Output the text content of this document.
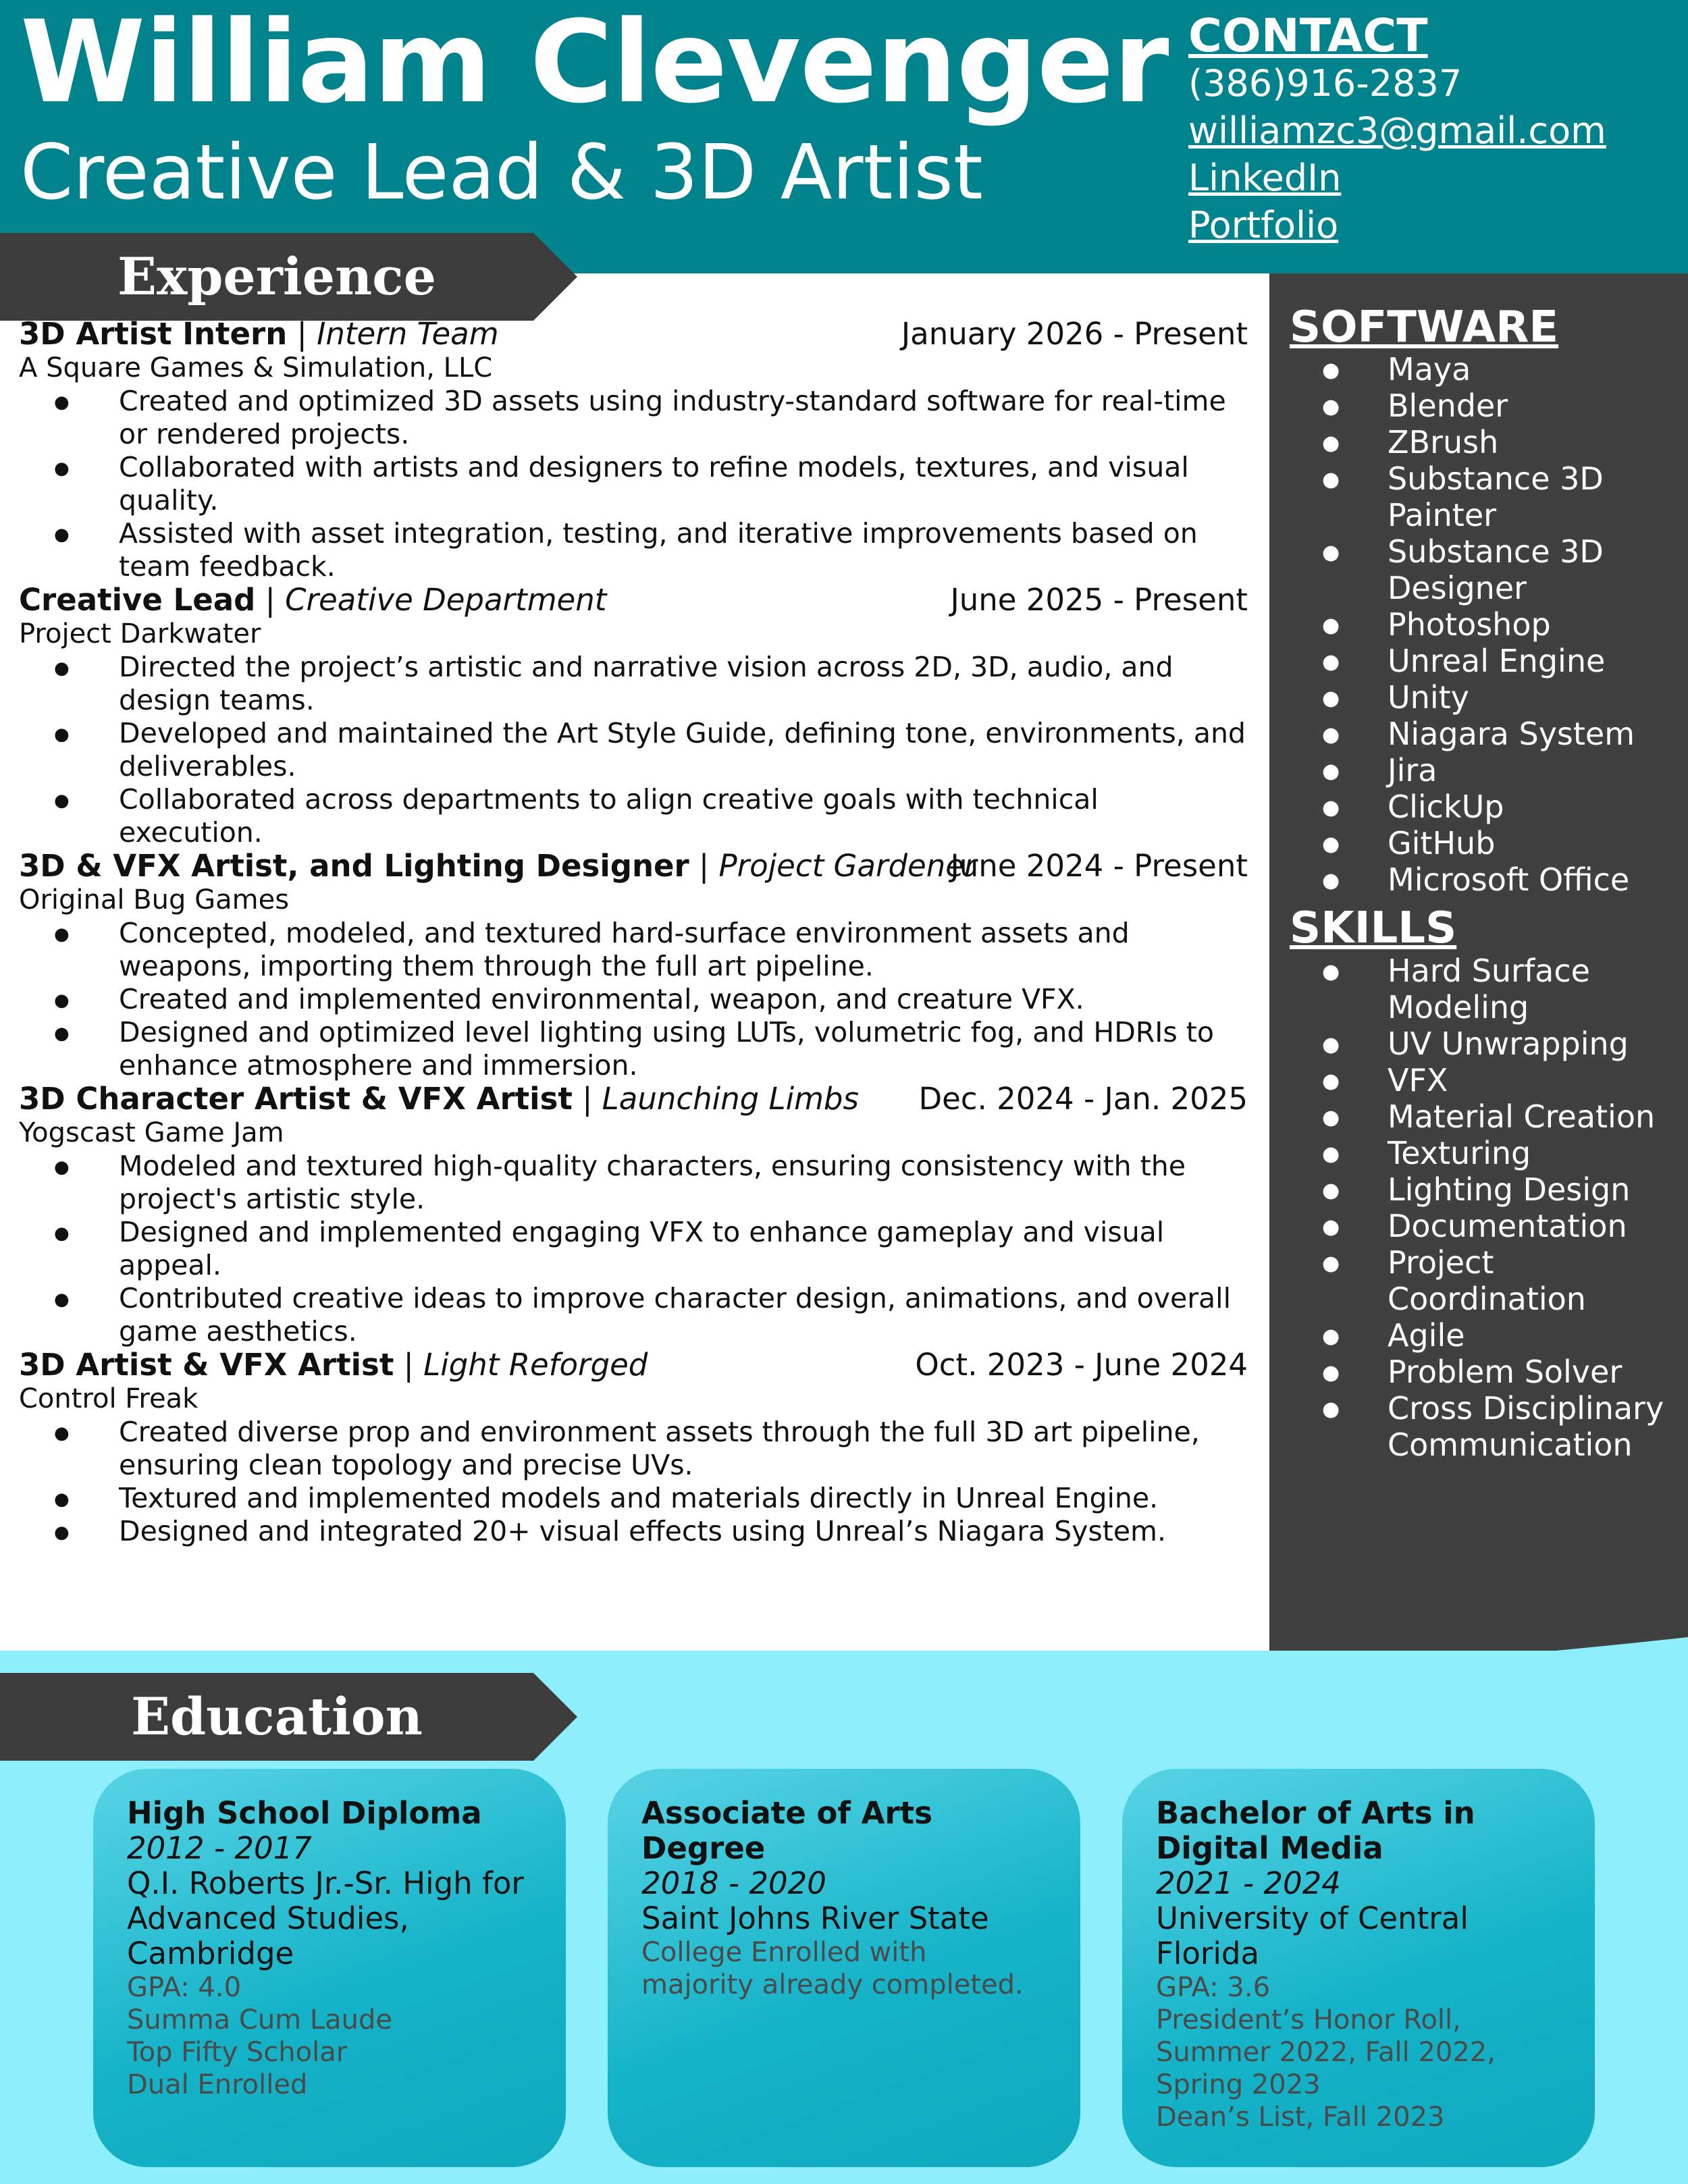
William Clevenger
Creative Lead & 3D Artist
CONTACT
(386)916-2837
williamzc3@gmail.com
LinkedIn
Portfolio
Experience
SOFTWARE
● Maya
● Blender
● ZBrush
● Substance 3D Painter
● Substance 3D Designer
● Photoshop
● Unreal Engine
● Unity
● Niagara System
● Jira
● ClickUp
● GitHub
● Microsoft Office
SKILLS
● Hard Surface Modeling
● UV Unwrapping
● VFX
● Material Creation
● Texturing
● Lighting Design
● Documentation
● Project Coordination
● Agile
● Problem Solver
● Cross Disciplinary Communication
3D Artist Intern | Intern Team	January 2026 - Present
A Square Games & Simulation, LLC
● Created and optimized 3D assets using industry-standard software for real-time or rendered projects.
● Collaborated with artists and designers to refine models, textures, and visual quality.
● Assisted with asset integration, testing, and iterative improvements based on team feedback.
Creative Lead | Creative Department	June 2025 - Present
Project Darkwater
● Directed the project’s artistic and narrative vision across 2D, 3D, audio, and design teams.
● Developed and maintained the Art Style Guide, defining tone, environments, and deliverables.
● Collaborated across departments to align creative goals with technical execution.
3D & VFX Artist, and Lighting Designer | Project Gardener
June 2024 - Present
Original Bug Games
● Concepted, modeled, and textured hard-surface environment assets and weapons, importing them through the full art pipeline.
● Created and implemented environmental, weapon, and creature VFX.
● Designed and optimized level lighting using LUTs, volumetric fog, and HDRIs to enhance atmosphere and immersion.
3D Character Artist & VFX Artist | Launching Limbs Dec. 2024 - Jan. 2025
Yogscast Game Jam
● Modeled and textured high-quality characters, ensuring consistency with the project's artistic style.
● Designed and implemented engaging VFX to enhance gameplay and visual appeal.
● Contributed creative ideas to improve character design, animations, and overall game aesthetics.
3D Artist & VFX Artist | Light Reforged	Oct. 2023 - June 2024
Control Freak
● Created diverse prop and environment assets through the full 3D art pipeline, ensuring clean topology and precise UVs.
● Textured and implemented models and materials directly in Unreal Engine.
● Designed and integrated 20+ visual effects using Unreal’s Niagara System.
Education
High School Diploma
2012 - 2017
Q.I. Roberts Jr.-Sr. High for Advanced Studies, Cambridge
GPA: 4.0
Summa Cum Laude
Top Fifty Scholar
Dual Enrolled
Associate of Arts Degree
2018 - 2020
Saint Johns River State
College Enrolled with majority already completed.
Bachelor of Arts in Digital Media
2021 - 2024
University of Central Florida
GPA: 3.6
President’s Honor Roll, Summer 2022, Fall 2022, Spring 2023
Dean’s List, Fall 2023
